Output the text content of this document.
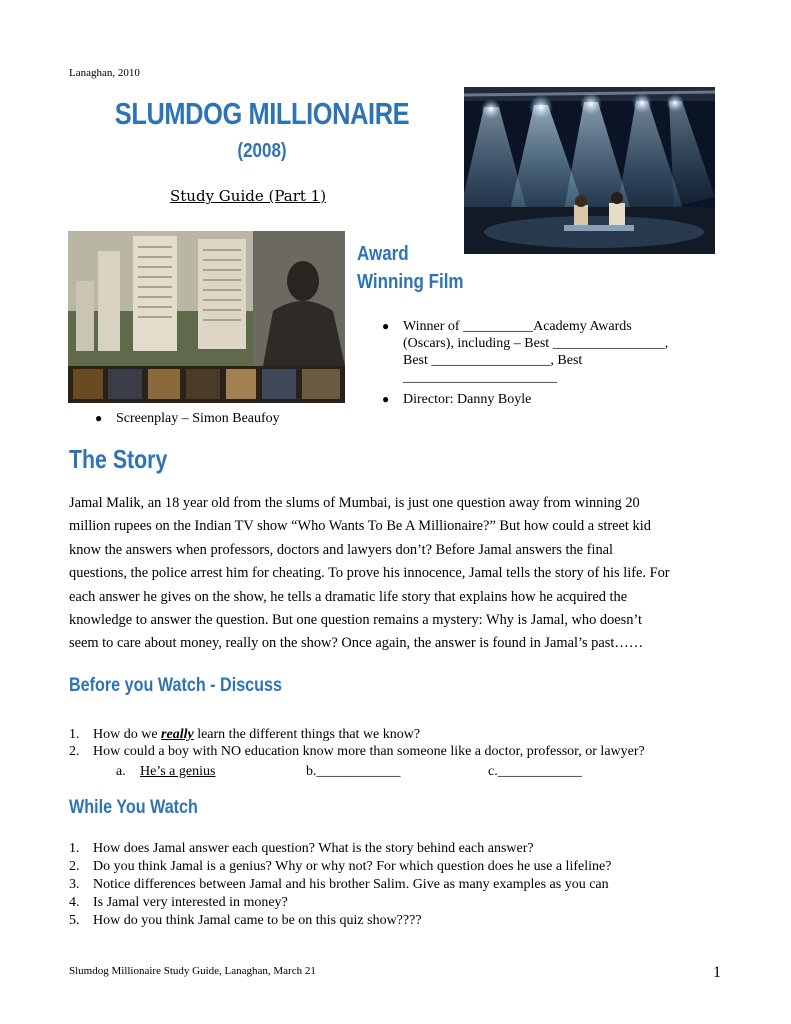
Lanaghan, 2010
SLUMDOG MILLIONAIRE
(2008)
Study Guide (Part 1)
Award
Winning Film
● Winner of __________Academy Awards
(Oscars), including – Best ________________,
Best _________________, Best
______________________
● Director: Danny Boyle
● Screenplay – Simon Beaufoy
The Story
Jamal Malik, an 18 year old from the slums of Mumbai, is just one question away from winning 20
million rupees on the Indian TV show “Who Wants To Be A Millionaire?” But how could a street kid
know the answers when professors, doctors and lawyers don’t? Before Jamal answers the final
questions, the police arrest him for cheating. To prove his innocence, Jamal tells the story of his life. For
each answer he gives on the show, he tells a dramatic life story that explains how he acquired the
knowledge to answer the question. But one question remains a mystery: Why is Jamal, who doesn’t
seem to care about money, really on the show? Once again, the answer is found in Jamal’s past……
Before you Watch - Discuss
1. How do we really learn the different things that we know?
2. How could a boy with NO education know more than someone like a doctor, professor, or lawyer?
a. He’s a genius	b.____________	c.____________
While You Watch
1. How does Jamal answer each question? What is the story behind each answer?
2. Do you think Jamal is a genius? Why or why not? For which question does he use a lifeline?
3. Notice differences between Jamal and his brother Salim. Give as many examples as you can
4. Is Jamal very interested in money?
5. How do you think Jamal came to be on this quiz show????
Slumdog Millionaire Study Guide, Lanaghan, March 21	1
